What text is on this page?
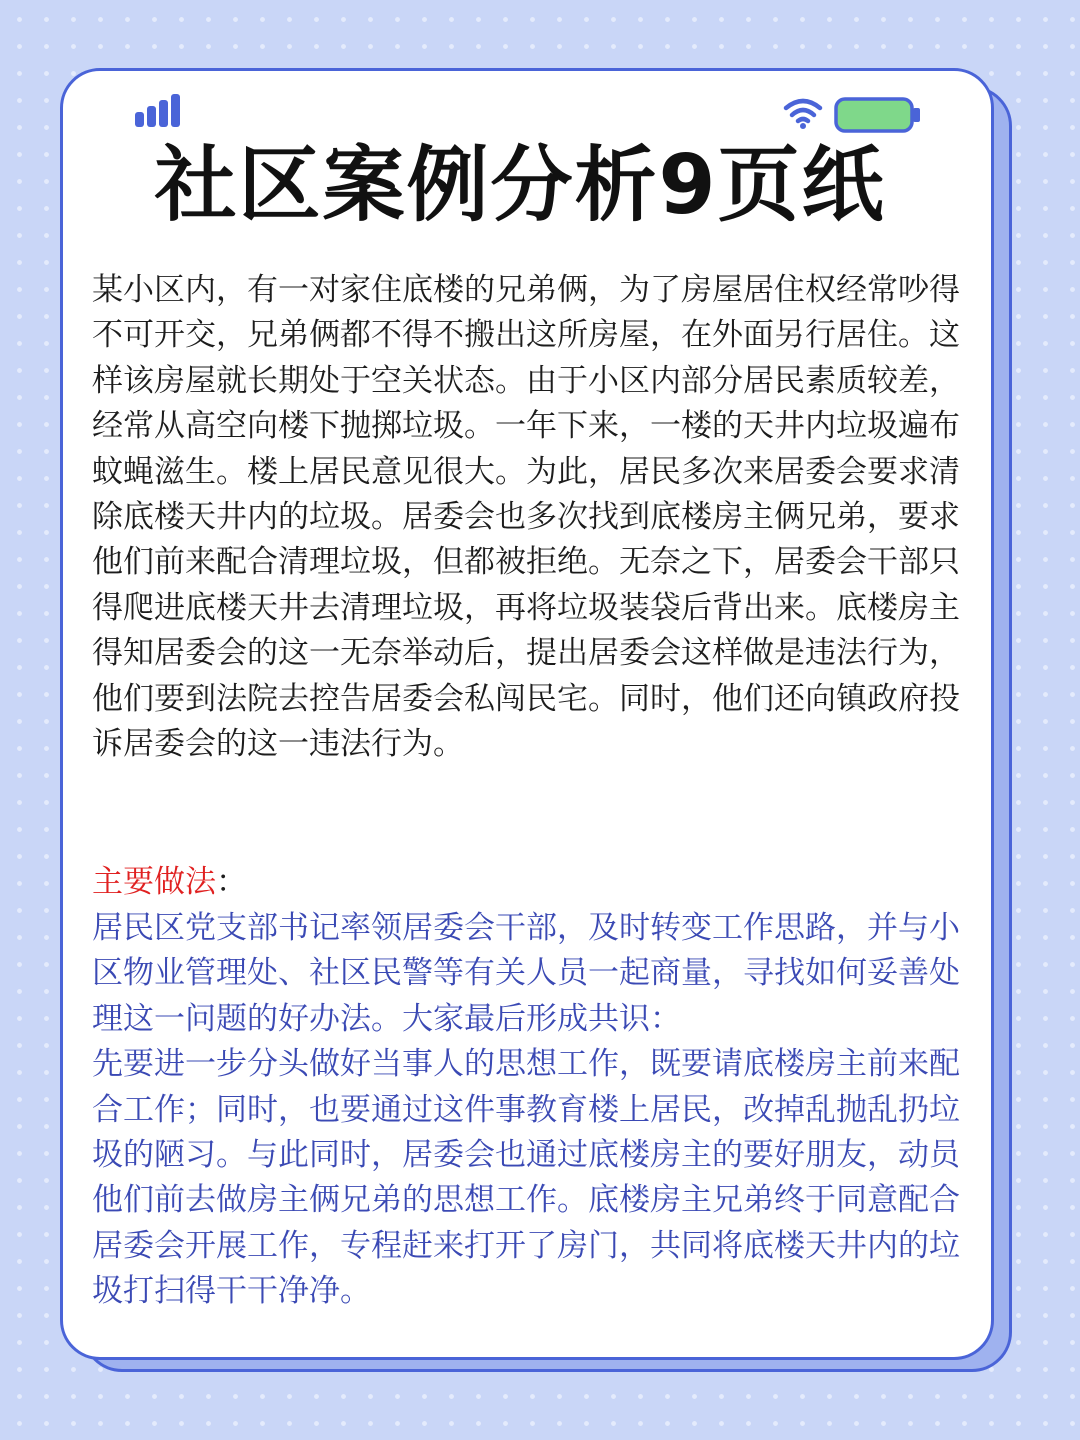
社区案例分析9页纸

某小区内，有一对家住底楼的兄弟俩，为了房屋居住权经常吵得不可开交，兄弟俩都不得不搬出这所房屋，在外面另行居住。这样该房屋就长期处于空关状态。由于小区内部分居民素质较差，经常从高空向楼下抛掷垃圾。一年下来，一楼的天井内垃圾遍布蚊蝇滋生。楼上居民意见很大。为此，居民多次来居委会要求清除底楼天井内的垃圾。居委会也多次找到底楼房主俩兄弟，要求他们前来配合清理垃圾，但都被拒绝。无奈之下，居委会干部只得爬进底楼天井去清理垃圾，再将垃圾装袋后背出来。底楼房主得知居委会的这一无奈举动后，提出居委会这样做是违法行为，他们要到法院去控告居委会私闯民宅。同时，他们还向镇政府投诉居委会的这一违法行为。

主要做法：

居民区党支部书记率领居委会干部，及时转变工作思路，并与小区物业管理处、社区民警等有关人员一起商量，寻找如何妥善处理这一问题的好办法。大家最后形成共识：

先要进一步分头做好当事人的思想工作，既要请底楼房主前来配合工作；同时，也要通过这件事教育楼上居民，改掉乱抛乱扔垃圾的陋习。与此同时，居委会也通过底楼房主的要好朋友，动员他们前去做房主俩兄弟的思想工作。底楼房主兄弟终于同意配合居委会开展工作，专程赶来打开了房门，共同将底楼天井内的垃圾打扫得干干净净。
